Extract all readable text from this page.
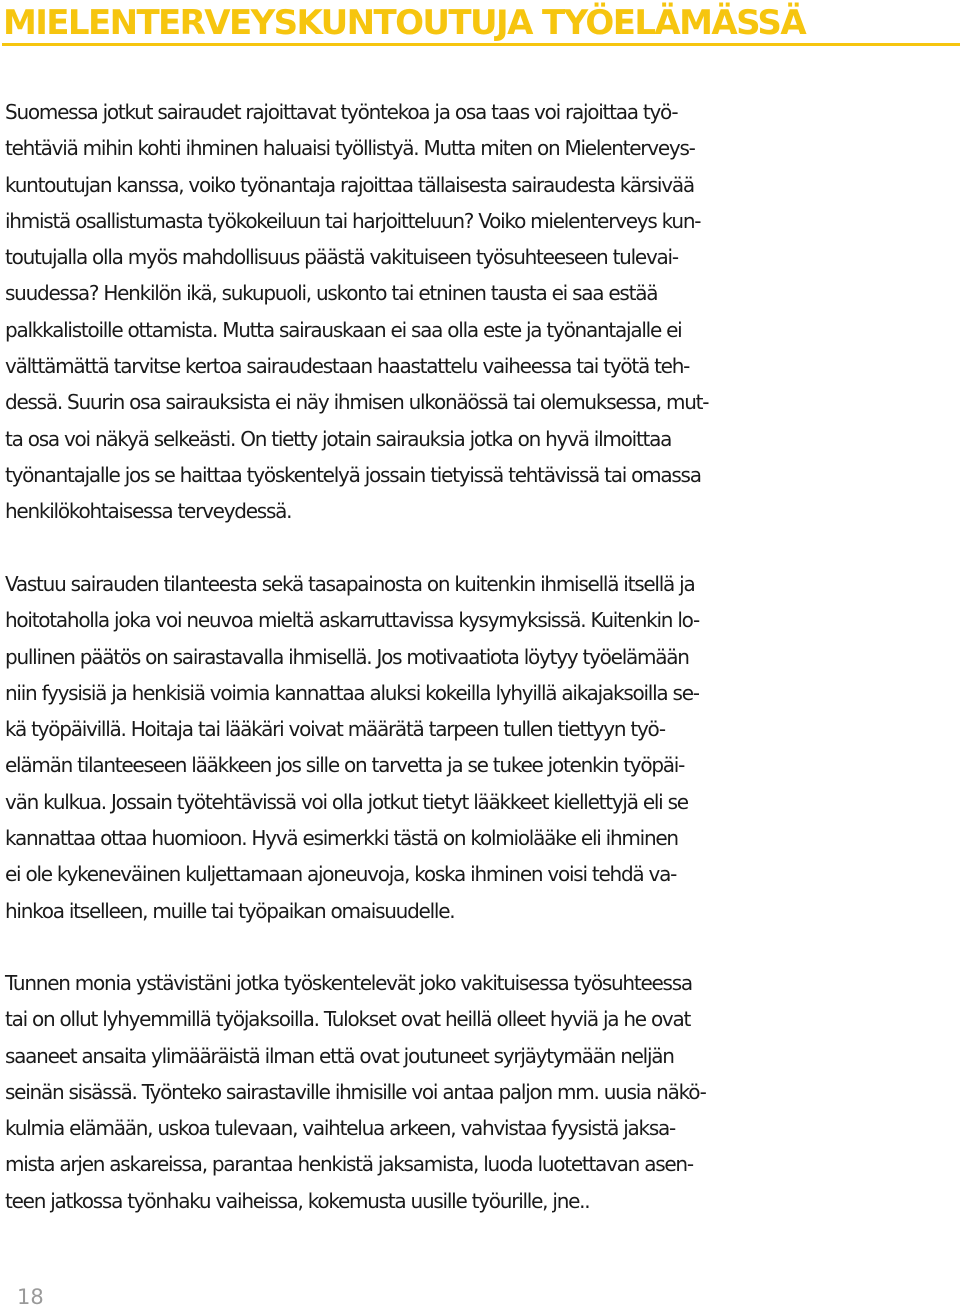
MIELENTERVEYSKUNTOUTUJA TYÖELÄMÄSSÄ

Suomessa jotkut sairaudet rajoittavat työntekoa ja osa taas voi rajoittaa työ-
tehtäviä mihin kohti ihminen haluaisi työllistyä. Mutta miten on Mielenterveys-
kuntoutujan kanssa, voiko työnantaja rajoittaa tällaisesta sairaudesta kärsivää
ihmistä osallistumasta työkokeiluun tai harjoitteluun? Voiko mielenterveys kun-
toutujalla olla myös mahdollisuus päästä vakituiseen työsuhteeseen tulevai-
suudessa? Henkilön ikä, sukupuoli, uskonto tai etninen tausta ei saa estää
palkkalistoille ottamista. Mutta sairauskaan ei saa olla este ja työnantajalle ei
välttämättä tarvitse kertoa sairaudestaan haastattelu vaiheessa tai työtä teh-
dessä. Suurin osa sairauksista ei näy ihmisen ulkonäössä tai olemuksessa, mut-
ta osa voi näkyä selkeästi. On tietty jotain sairauksia jotka on hyvä ilmoittaa
työnantajalle jos se haittaa työskentelyä jossain tietyissä tehtävissä tai omassa
henkilökohtaisessa terveydessä.

Vastuu sairauden tilanteesta sekä tasapainosta on kuitenkin ihmisellä itsellä ja
hoitotaholla joka voi neuvoa mieltä askarruttavissa kysymyksissä. Kuitenkin lo-
pullinen päätös on sairastavalla ihmisellä. Jos motivaatiota löytyy työelämään
niin fyysisiä ja henkisiä voimia kannattaa aluksi kokeilla lyhyillä aikajaksoilla se-
kä työpäivillä. Hoitaja tai lääkäri voivat määrätä tarpeen tullen tiettyyn työ-
elämän tilanteeseen lääkkeen jos sille on tarvetta ja se tukee jotenkin työpäi-
vän kulkua. Jossain työtehtävissä voi olla jotkut tietyt lääkkeet kiellettyjä eli se
kannattaa ottaa huomioon. Hyvä esimerkki tästä on kolmiolääke eli ihminen
ei ole kykeneväinen kuljettamaan ajoneuvoja, koska ihminen voisi tehdä va-
hinkoa itselleen, muille tai työpaikan omaisuudelle.

Tunnen monia ystävistäni jotka työskentelevät joko vakituisessa työsuhteessa
tai on ollut lyhyemmillä työjaksoilla. Tulokset ovat heillä olleet hyviä ja he ovat
saaneet ansaita ylimääräistä ilman että ovat joutuneet syrjäytymään neljän
seinän sisässä. Työnteko sairastaville ihmisille voi antaa paljon mm. uusia näkö-
kulmia elämään, uskoa tulevaan, vaihtelua arkeen, vahvistaa fyysistä jaksa-
mista arjen askareissa, parantaa henkistä jaksamista, luoda luotettavan asen-
teen jatkossa työnhaku vaiheissa, kokemusta uusille työurille, jne..

18
